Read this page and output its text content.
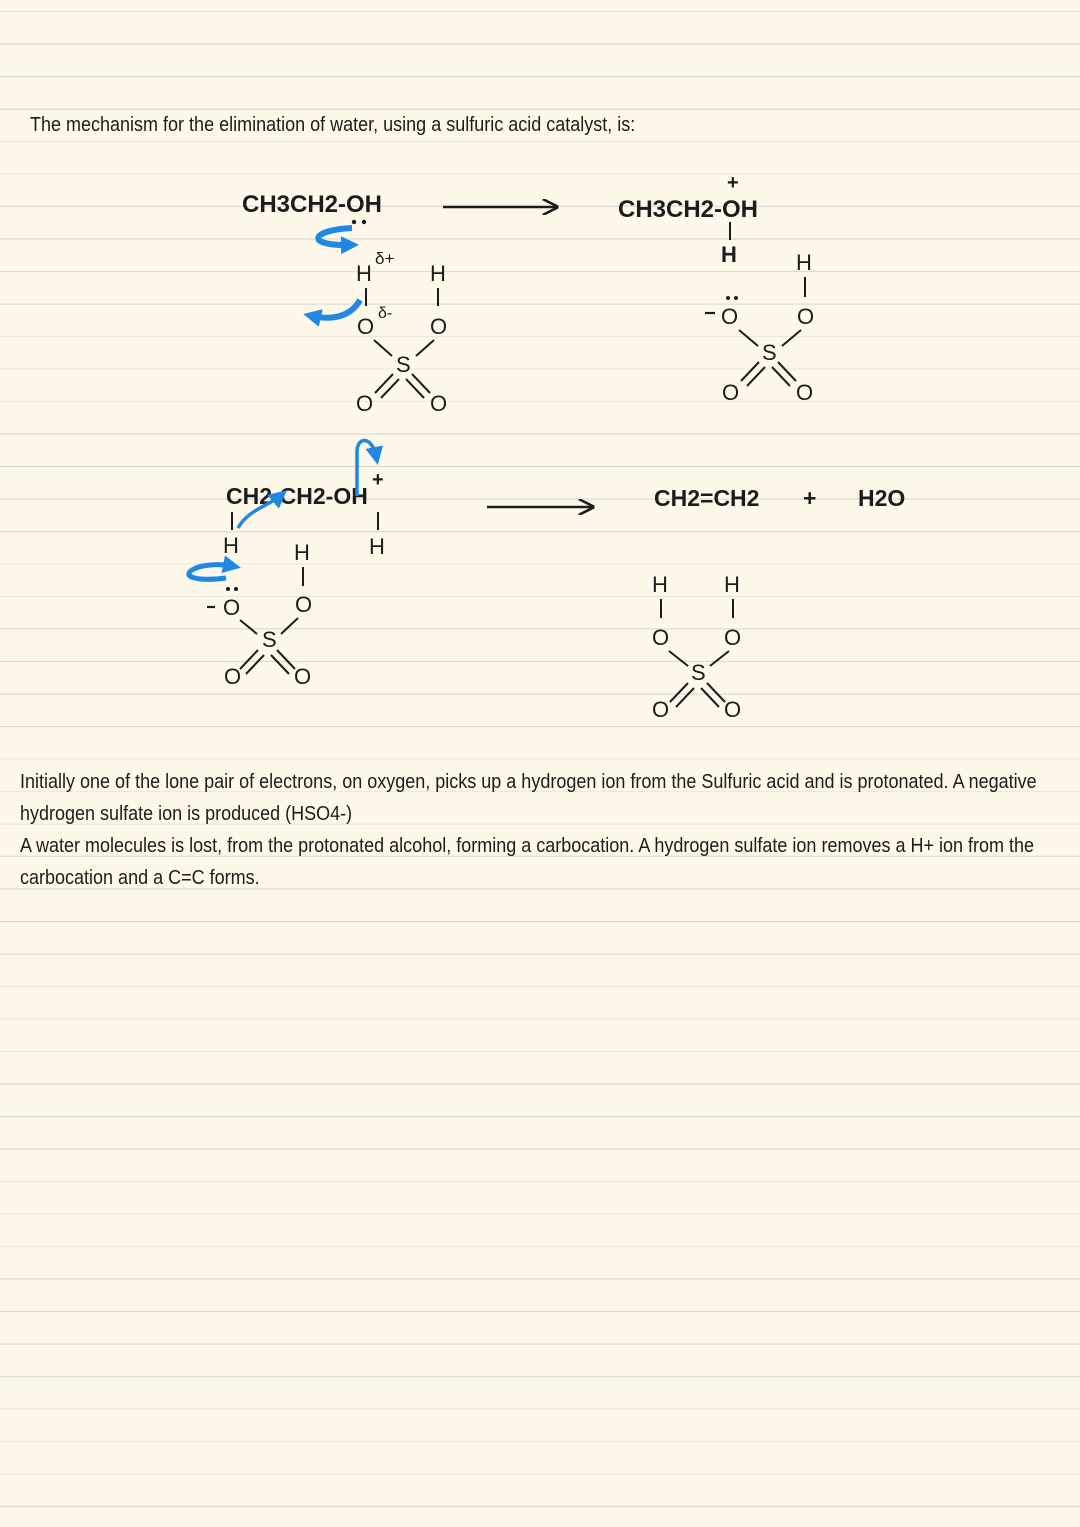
The mechanism for the elimination of water, using a sulfuric acid catalyst, is:

CH3CH2-OH
H
δ+
δ-
O
H
O
S
O	O
+
CH3CH2-OH
H
O
H
O
S
O	O
+
CH2-CH2-OH
H	H
O
H
O
S
O O
CH2=CH2 + H2O
H
O
H
O
S
O O

Initially one of the lone pair of electrons, on oxygen, picks up a hydrogen ion from the Sulfuric acid and is protonated. A negative hydrogen sulfate ion is produced (HSO4-)

A water molecules is lost, from the protonated alcohol, forming a carbocation. A hydrogen sulfate ion removes a H+ ion from the carbocation and a C=C forms.
